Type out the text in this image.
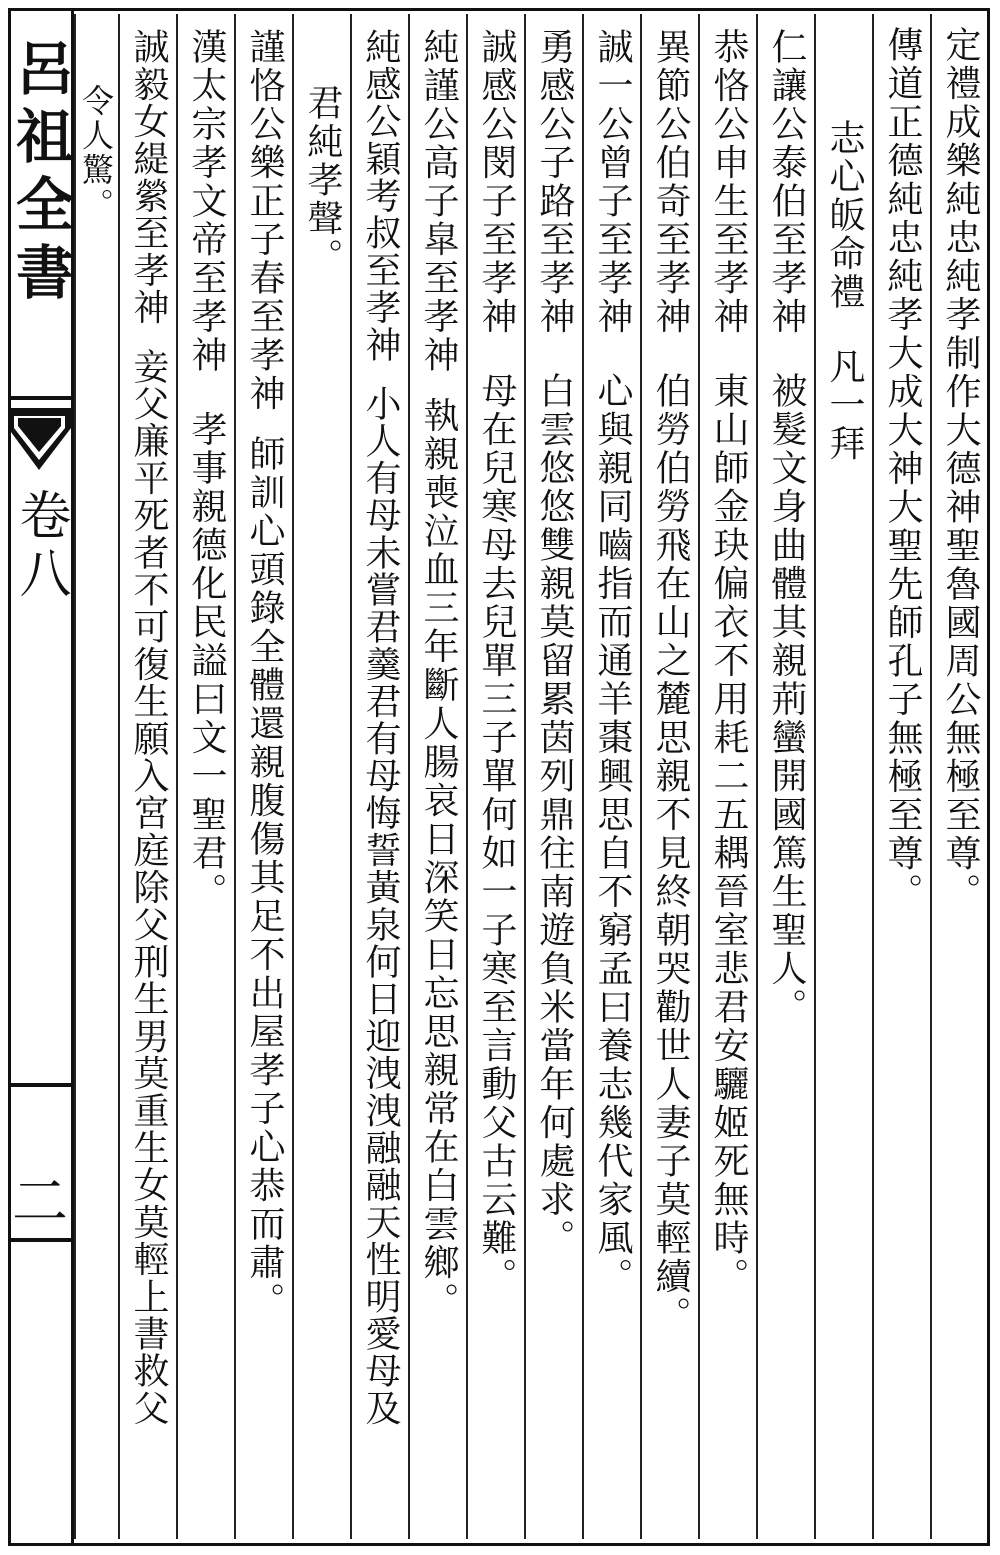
呂祖全書
卷八
二
定禮成樂純忠純孝制作大德神聖魯國周公無極至尊。
傳道正德純忠純孝大成大神大聖先師孔子無極至尊。
志心皈命禮凡一拜
仁讓公泰伯至孝神被髮文身曲體其親荊蠻開國篤生聖人。
恭恪公申生至孝神東山師金玦偏衣不用耗二五耦晉室悲君安驪姬死無時。
異節公伯奇至孝神伯勞伯勞飛在山之麓思親不見終朝哭勸世人妻子莫輕續。
誠一公曾子至孝神心與親同嚙指而通羊棗興思自不窮孟曰養志幾代家風。
勇感公子路至孝神白雲悠悠雙親莫留累茵列鼎往南遊負米當年何處求。
誠感公閔子至孝神母在兒寒母去兒單三子單何如一子寒至言動父古云難。
純謹公高子皐至孝神執親喪泣血三年斷人腸哀日深笑日忘思親常在白雲鄉。
純感公穎考叔至孝神小人有母未嘗君羹君有母悔誓黃泉何日迎洩洩融融天性明愛母及
君純孝聲。
謹恪公樂正子春至孝神師訓心頭錄全體還親腹傷其足不出屋孝子心恭而肅。
漢太宗孝文帝至孝神孝事親德化民謚曰文一聖君。
誠毅女緹縈至孝神妾父廉平死者不可復生願入宮庭除父刑生男莫重生女莫輕上書救父
令人驚。
